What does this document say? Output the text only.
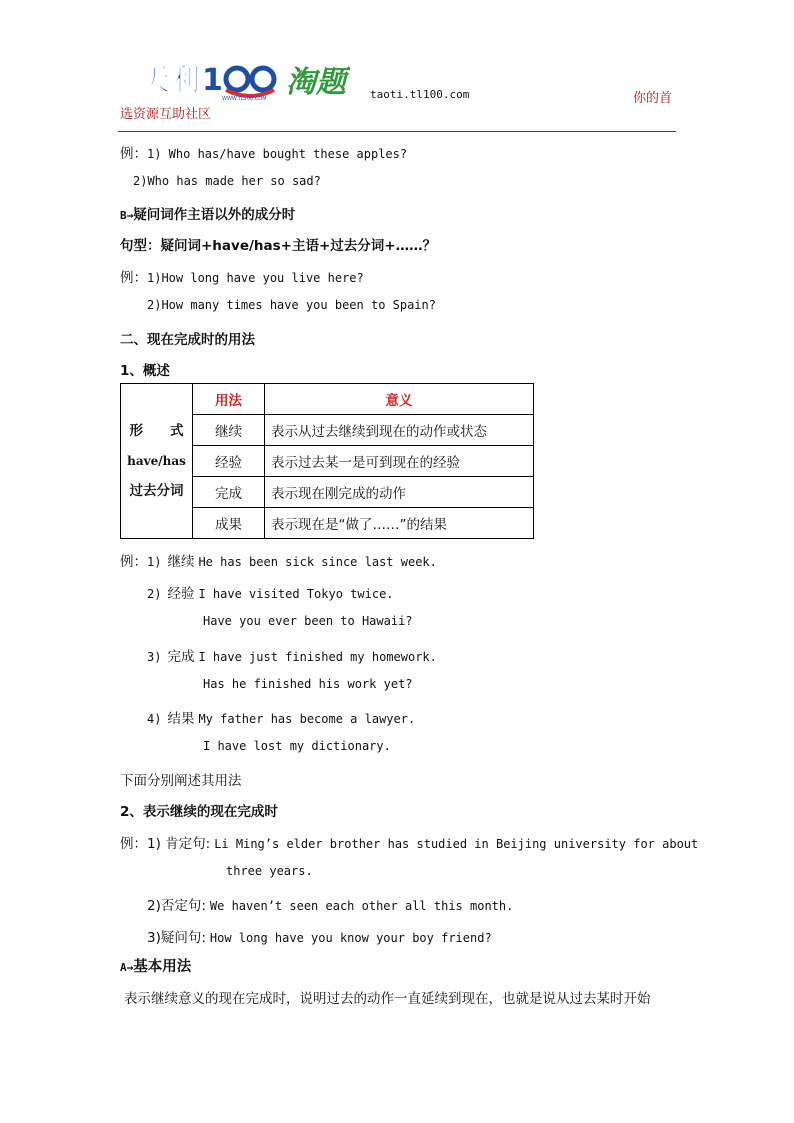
天利 1
WWW.TL100.COM 淘题	taoti.tl100.com	你的首
选资源互助社区
例：1) Who has/have bought these apples?
2)Who has made her so sad?
B→疑问词作主语以外的成分时
句型：疑问词+have/has+主语+过去分词+……？
例：1)How long have you live here?
2)How many times have you been to Spain?
二、现在完成时的用法
1、概述
形　　式
have/has
过去分词	用法	意义
	继续	表示从过去继续到现在的动作或状态
	经验	表示过去某一是可到现在的经验
	完成	表示现在刚完成的动作
	成果	表示现在是“做了……”的结果
例：1) 继续 He has been sick since last week.
2) 经验 I have visited Tokyo twice.
Have you ever been to Hawaii?
3) 完成 I have just finished my homework.
Has he finished his work yet?
4) 结果 My father has become a lawyer.
I have lost my dictionary.
下面分别阐述其用法
2、表示继续的现在完成时
例：1) 肯定句: Li Ming’s elder brother has studied in Beijing university for about
three years.
2)否定句: We haven’t seen each other all this month.
3)疑问句: How long have you know your boy friend?
A→基本用法
表示继续意义的现在完成时，说明过去的动作一直延续到现在，也就是说从过去某时开始
